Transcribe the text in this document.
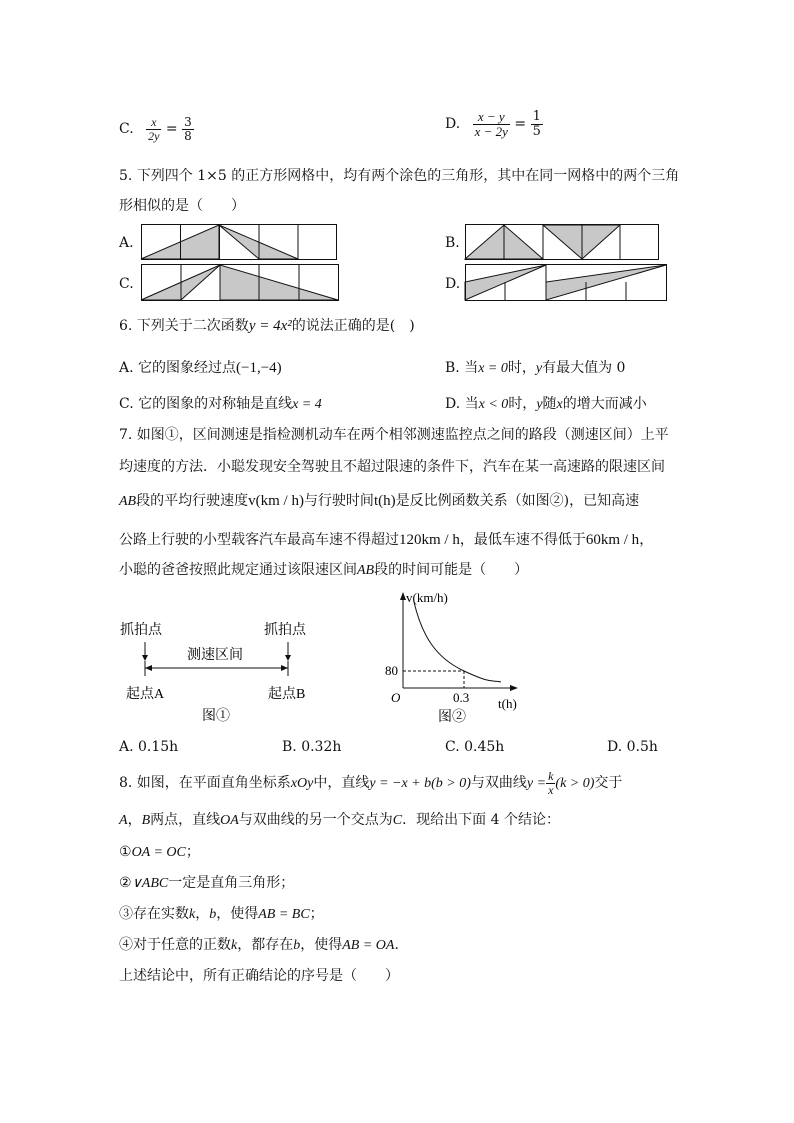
C. $\frac{x}{2y} = \frac{3}{8}$	D. $\frac{x - y}{x - 2y} = \frac{1}{5}$
5. 下列四个 1×5 的正方形网格中，均有两个涂色的三角形，其中在同一网格中的两个三角
形相似的是（　　）
A.	B.
C.	D.
6. 下列关于二次函数y = 4x²的说法正确的是(　)
A. 它的图象经过点(−1,−4)	B. 当x = 0时，y有最大值为 0
C. 它的图象的对称轴是直线x = 4	D. 当x < 0时，y随x的增大而减小
7. 如图①，区间测速是指检测机动车在两个相邻测速监控点之间的路段（测速区间）上平
均速度的方法．小聪发现安全驾驶且不超过限速的条件下，汽车在某一高速路的限速区间
AB段的平均行驶速度v(km / h)与行驶时间t(h)是反比例函数关系（如图②)，已知高速
公路上行驶的小型载客汽车最高车速不得超过120km / h，最低车速不得低于60km / h，
小聪的爸爸按照此规定通过该限速区间AB段的时间可能是（　　）
抓拍点	抓拍点
测速区间
起点A	起点B
图①
v(km/h)
t(h)
O
80
0.3
图②
A. 0.15h	B. 0.32h	C. 0.45h	D. 0.5h
8. 如图，在平面直角坐标系xOy中，直线y = −x + b(b > 0)与双曲线$y = \frac{k}{x} (k > 0)$交于
A，B两点，直线OA与双曲线的另一个交点为C．现给出下面 4 个结论：
①OA = OC；
②∨ABC一定是直角三角形；
③存在实数k，b，使得AB = BC；
④对于任意的正数k，都存在b，使得AB = OA．
上述结论中，所有正确结论的序号是（　　）
